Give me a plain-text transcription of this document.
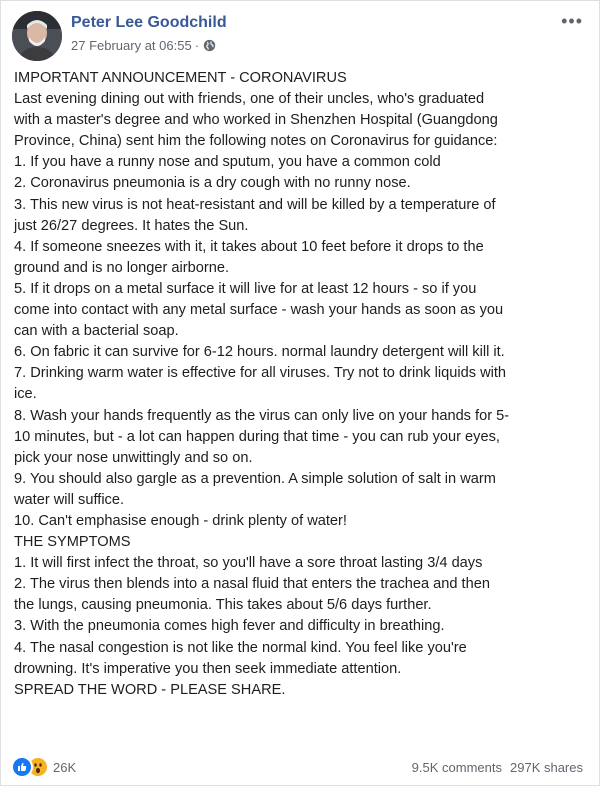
Peter Lee Goodchild
27 February at 06:55 ·
•••
IMPORTANT ANNOUNCEMENT - CORONAVIRUS
Last evening dining out with friends, one of their uncles, who's graduated
with a master's degree and who worked in Shenzhen Hospital (Guangdong
Province, China) sent him the following notes on Coronavirus for guidance:
1. If you have a runny nose and sputum, you have a common cold
2. Coronavirus pneumonia is a dry cough with no runny nose.
3. This new virus is not heat-resistant and will be killed by a temperature of
just 26/27 degrees. It hates the Sun.
4. If someone sneezes with it, it takes about 10 feet before it drops to the
ground and is no longer airborne.
5. If it drops on a metal surface it will live for at least 12 hours - so if you
come into contact with any metal surface - wash your hands as soon as you
can with a bacterial soap.
6. On fabric it can survive for 6-12 hours. normal laundry detergent will kill it.
7. Drinking warm water is effective for all viruses. Try not to drink liquids with
ice.
8. Wash your hands frequently as the virus can only live on your hands for 5-
10 minutes, but - a lot can happen during that time - you can rub your eyes,
pick your nose unwittingly and so on.
9. You should also gargle as a prevention. A simple solution of salt in warm
water will suffice.
10. Can't emphasise enough - drink plenty of water!
THE SYMPTOMS
1. It will first infect the throat, so you'll have a sore throat lasting 3/4 days
2. The virus then blends into a nasal fluid that enters the trachea and then
the lungs, causing pneumonia. This takes about 5/6 days further.
3. With the pneumonia comes high fever and difficulty in breathing.
4. The nasal congestion is not like the normal kind. You feel like you're
drowning. It's imperative you then seek immediate attention.
SPREAD THE WORD - PLEASE SHARE.
26K	9.5K comments 297K shares
